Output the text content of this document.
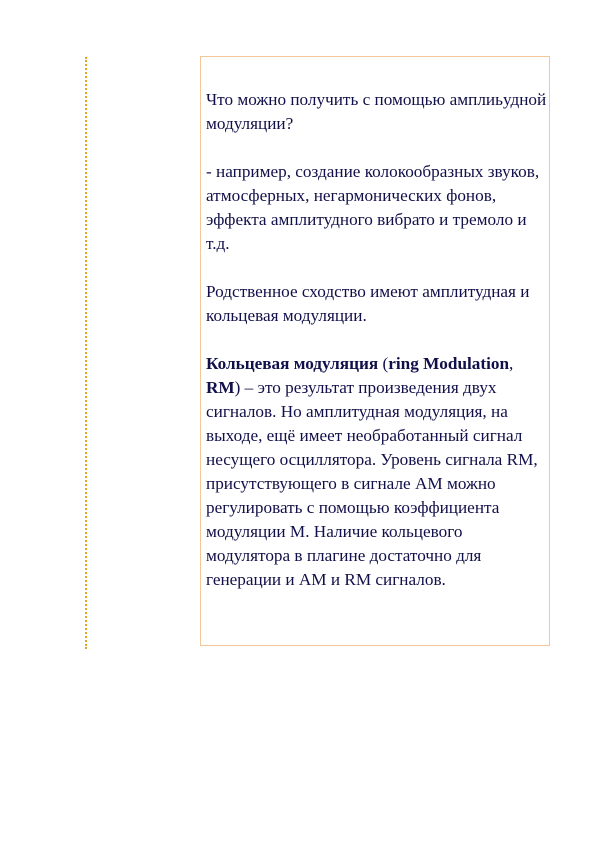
Что можно получить с помощью амплиьудной модуляции?

- например, создание колокообразных звуков, атмосферных, негармонических фонов, эффекта амплитудного вибрато и тремоло и т.д.

Родственное сходство имеют амплитудная и кольцевая модуляции.

Кольцевая модуляция (ring Modulation, RM) – это результат произведения двух сигналов. Но амплитудная модуляция, на выходе, ещё имеет необработанный сигнал несущего осциллятора. Уровень сигнала RM, присутствующего в сигнале AM можно регулировать с помощью коэффициента модуляции M. Наличие кольцевого модулятора в плагине достаточно для генерации и AM и RM сигналов.
